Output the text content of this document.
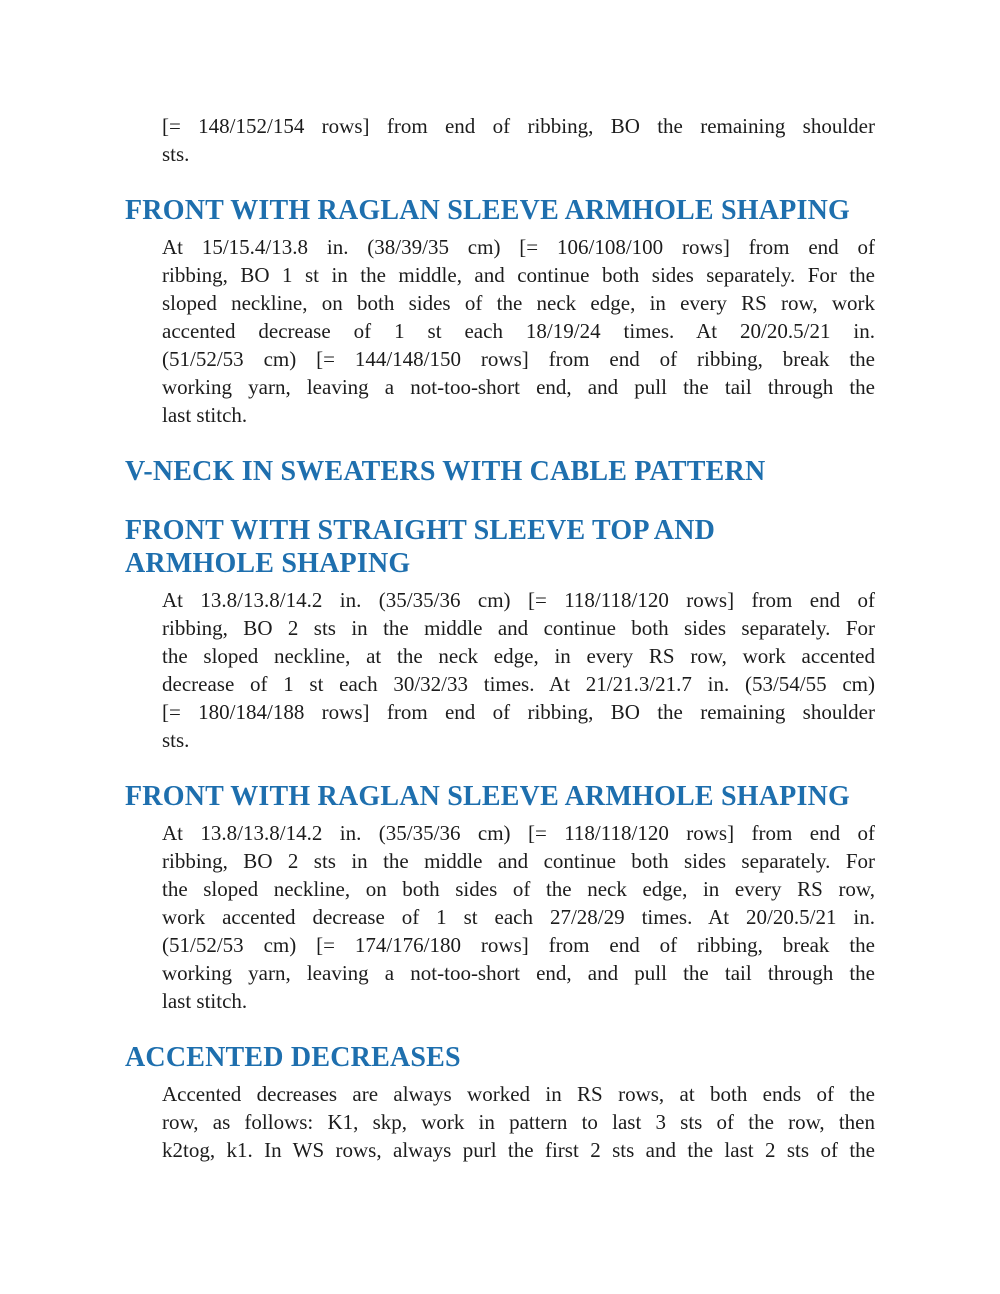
[= 148/152/154 rows] from end of ribbing, BO the remaining shoulder
sts.
FRONT WITH RAGLAN SLEEVE ARMHOLE SHAPING
At 15/15.4/13.8 in. (38/39/35 cm) [= 106/108/100 rows] from end of
ribbing, BO 1 st in the middle, and continue both sides separately. For the
sloped neckline, on both sides of the neck edge, in every RS row, work
accented decrease of 1 st each 18/19/24 times. At 20/20.5/21 in.
(51/52/53 cm) [= 144/148/150 rows] from end of ribbing, break the
working yarn, leaving a not-too-short end, and pull the tail through the
last stitch.
V-NECK IN SWEATERS WITH CABLE PATTERN
FRONT WITH STRAIGHT SLEEVE TOP AND
ARMHOLE SHAPING
At 13.8/13.8/14.2 in. (35/35/36 cm) [= 118/118/120 rows] from end of
ribbing, BO 2 sts in the middle and continue both sides separately. For
the sloped neckline, at the neck edge, in every RS row, work accented
decrease of 1 st each 30/32/33 times. At 21/21.3/21.7 in. (53/54/55 cm)
[= 180/184/188 rows] from end of ribbing, BO the remaining shoulder
sts.
FRONT WITH RAGLAN SLEEVE ARMHOLE SHAPING
At 13.8/13.8/14.2 in. (35/35/36 cm) [= 118/118/120 rows] from end of
ribbing, BO 2 sts in the middle and continue both sides separately. For
the sloped neckline, on both sides of the neck edge, in every RS row,
work accented decrease of 1 st each 27/28/29 times. At 20/20.5/21 in.
(51/52/53 cm) [= 174/176/180 rows] from end of ribbing, break the
working yarn, leaving a not-too-short end, and pull the tail through the
last stitch.
ACCENTED DECREASES
Accented decreases are always worked in RS rows, at both ends of the
row, as follows: K1, skp, work in pattern to last 3 sts of the row, then
k2tog, k1. In WS rows, always purl the first 2 sts and the last 2 sts of the
